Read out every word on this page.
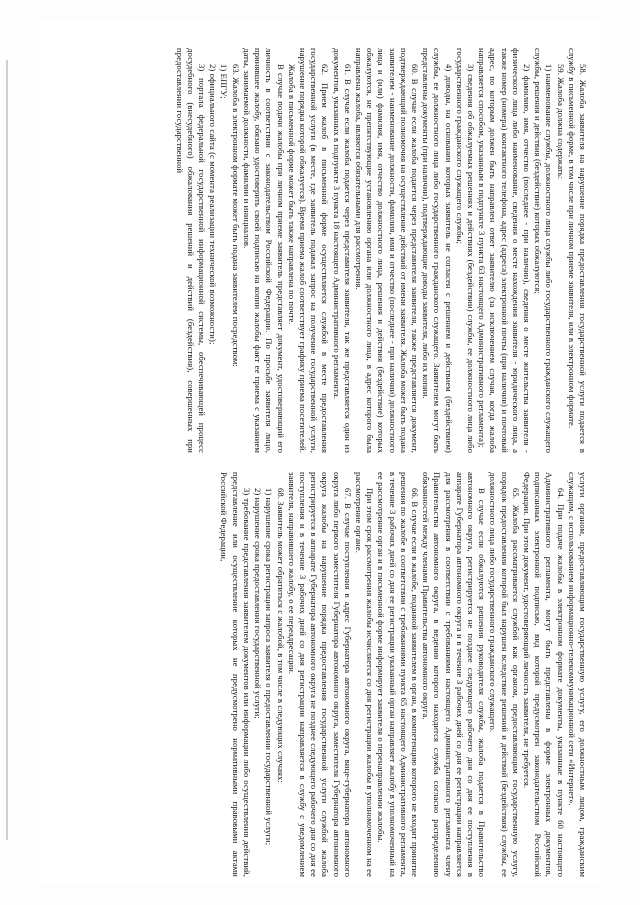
58. Жалоба заявителя на нарушение порядка предоставления государственной услуги подается в службу в письменной форме, в том числе при личном приеме заявителя, или в электронном формате.

59. Жалоба должна содержать:

1) наименование службы, должностного лица службы либо государственного гражданского служащего службы, решения и действия (бездействие) которых обжалуются;

2) фамилию, имя, отчество (последнее - при наличии), сведения о месте жительства заявителя - физического лица либо наименование, сведения о месте нахождения заявителя - юридического лица, а также номер (номера) контактного телефона, адрес (адреса) электронной почты (при наличии) и почтовый адрес, по которым должен быть направлен ответ заявителю (за исключением случая, когда жалоба направляется способом, указанным в подпункте 3 пункта 63 настоящего Административного регламента);

3) сведения об обжалуемых решениях и действиях (бездействии) службы, ее должностного лица либо государственного гражданского служащего службы;

4) доводы, на основании которых заявитель не согласен с решением и действием (бездействием) службы, ее должностного лица либо государственного гражданского служащего. Заявителем могут быть представлены документы (при наличии), подтверждающие доводы заявителя, либо их копии.

60. В случае если жалоба подается через представителя заявителя, также представляется документ, подтверждающий полномочия на осуществление действий от имени заявителя. Жалоба может быть подана заявителем - наименование должности, фамилия, имя и отчество (последнее - при наличии) должностного лица и (или) фамилия, имя, отчество должностного лица, решения и действия (бездействие) которых обжалуются, не препятствующие установлению органа или должностного лица, в адрес которого была направлена жалоба, являются обязательными для рассмотрения.

61. В случае если жалоба подается через представителя заявителя, так же представляется один из документов, указанных в подпункте 3 пункта 18 настоящего Административного регламента.

62. Прием жалоб в письменной форме осуществляется службой в месте предоставления государственной услуги (в месте, где заявитель подавал запрос на получение государственной услуги, нарушение порядка которой обжалуется). Время приема жалоб соответствует графику приема посетителей.

Жалоба в письменной форме может быть также направлена по почте.

В случае подачи жалобы при личном приеме заявитель представляет документ, удостоверяющий его личность в соответствии с законодательством Российской Федерации. По просьбе заявителя лицо, принявшее жалобу, обязано удостоверить своей подписью на копии жалобы факт ее приема с указанием даты, занимаемой должности, фамилии и инициалов.

63. Жалоба в электронном формате может быть подана заявителем посредством:

1) ЕПГУ;

2) официального сайта (с момента реализации технической возможности);

3) портала федеральной государственной информационной системы, обеспечивающей процесс досудебного (внесудебного) обжалования решений и действий (бездействия), совершенных при предоставлении государственной

услуги органом, предоставляющим государственную услугу, его должностным лицом, гражданским служащим, с использованием информационно-телекоммуникационной сети «Интернет».

64. При подаче жалобы в электронном формате документы, указанные в пункте 60 настоящего Административного регламента, могут быть представлены в форме электронных документов, подписанных электронной подписью, вид которой предусмотрен законодательством Российской Федерации. При этом документ, удостоверяющий личность заявителя, не требуется.

65. Жалоба рассматривается службой как органом, предоставляющим государственную услугу, порядок предоставления которой был нарушен вследствие решений и действий (бездействия) службы, ее должностного лица либо государственного гражданского служащего.

В случае если обжалуются решения руководителя службы, жалоба подается в Правительство автономного округа, регистрируется не позднее следующего рабочего дня со дня ее поступления в аппарате Губернатора автономного округа и в течение 3 рабочих дней со дня ее регистрации направляется для рассмотрения в соответствии с требованиями настоящего Административного регламента члену Правительства автономного округа, в ведении которого находится служба согласно распределению обязанностей между членами Правительства автономного округа.

66. В случае если в жалобе, поданной заявителем в орган, в компетенцию которого не входит принятие решения по жалобе в соответствии с требованиями пункта 65 настоящего Административного регламента, в течение 3 рабочих дней со дня ее регистрации указанный орган направляет жалобу в уполномоченный на ее рассмотрение орган и в письменной форме информирует заявителя о перенаправлении жалобы.

При этом срок рассмотрения жалобы исчисляется со дня регистрации жалобы в уполномоченном на ее рассмотрение органе.

67. В случае поступления в адрес Губернатора автономного округа, вице-губернатора автономного округа либо первого заместителя Губернатора автономного округа, заместителя Губернатора автономного округа жалобы на нарушение порядка предоставления государственной услуги службой жалоба регистрируется в аппарате Губернатора автономного округа не позднее следующего рабочего дня со дня ее поступления и в течение 3 рабочих дней со дня регистрации направляется в службу с уведомлением заявителя, направившего жалобу, о ее переадресации.

68. Заявитель может обратиться с жалобой, в том числе в следующих случаях:

1) нарушение срока регистрации запроса заявителя о предоставлении государственной услуги;

2) нарушение срока предоставления государственной услуги;

3) требование представления заявителем документов или информации либо осуществления действий, представление или осуществление которых не предусмотрено нормативными правовыми актами Российской Федерации,
